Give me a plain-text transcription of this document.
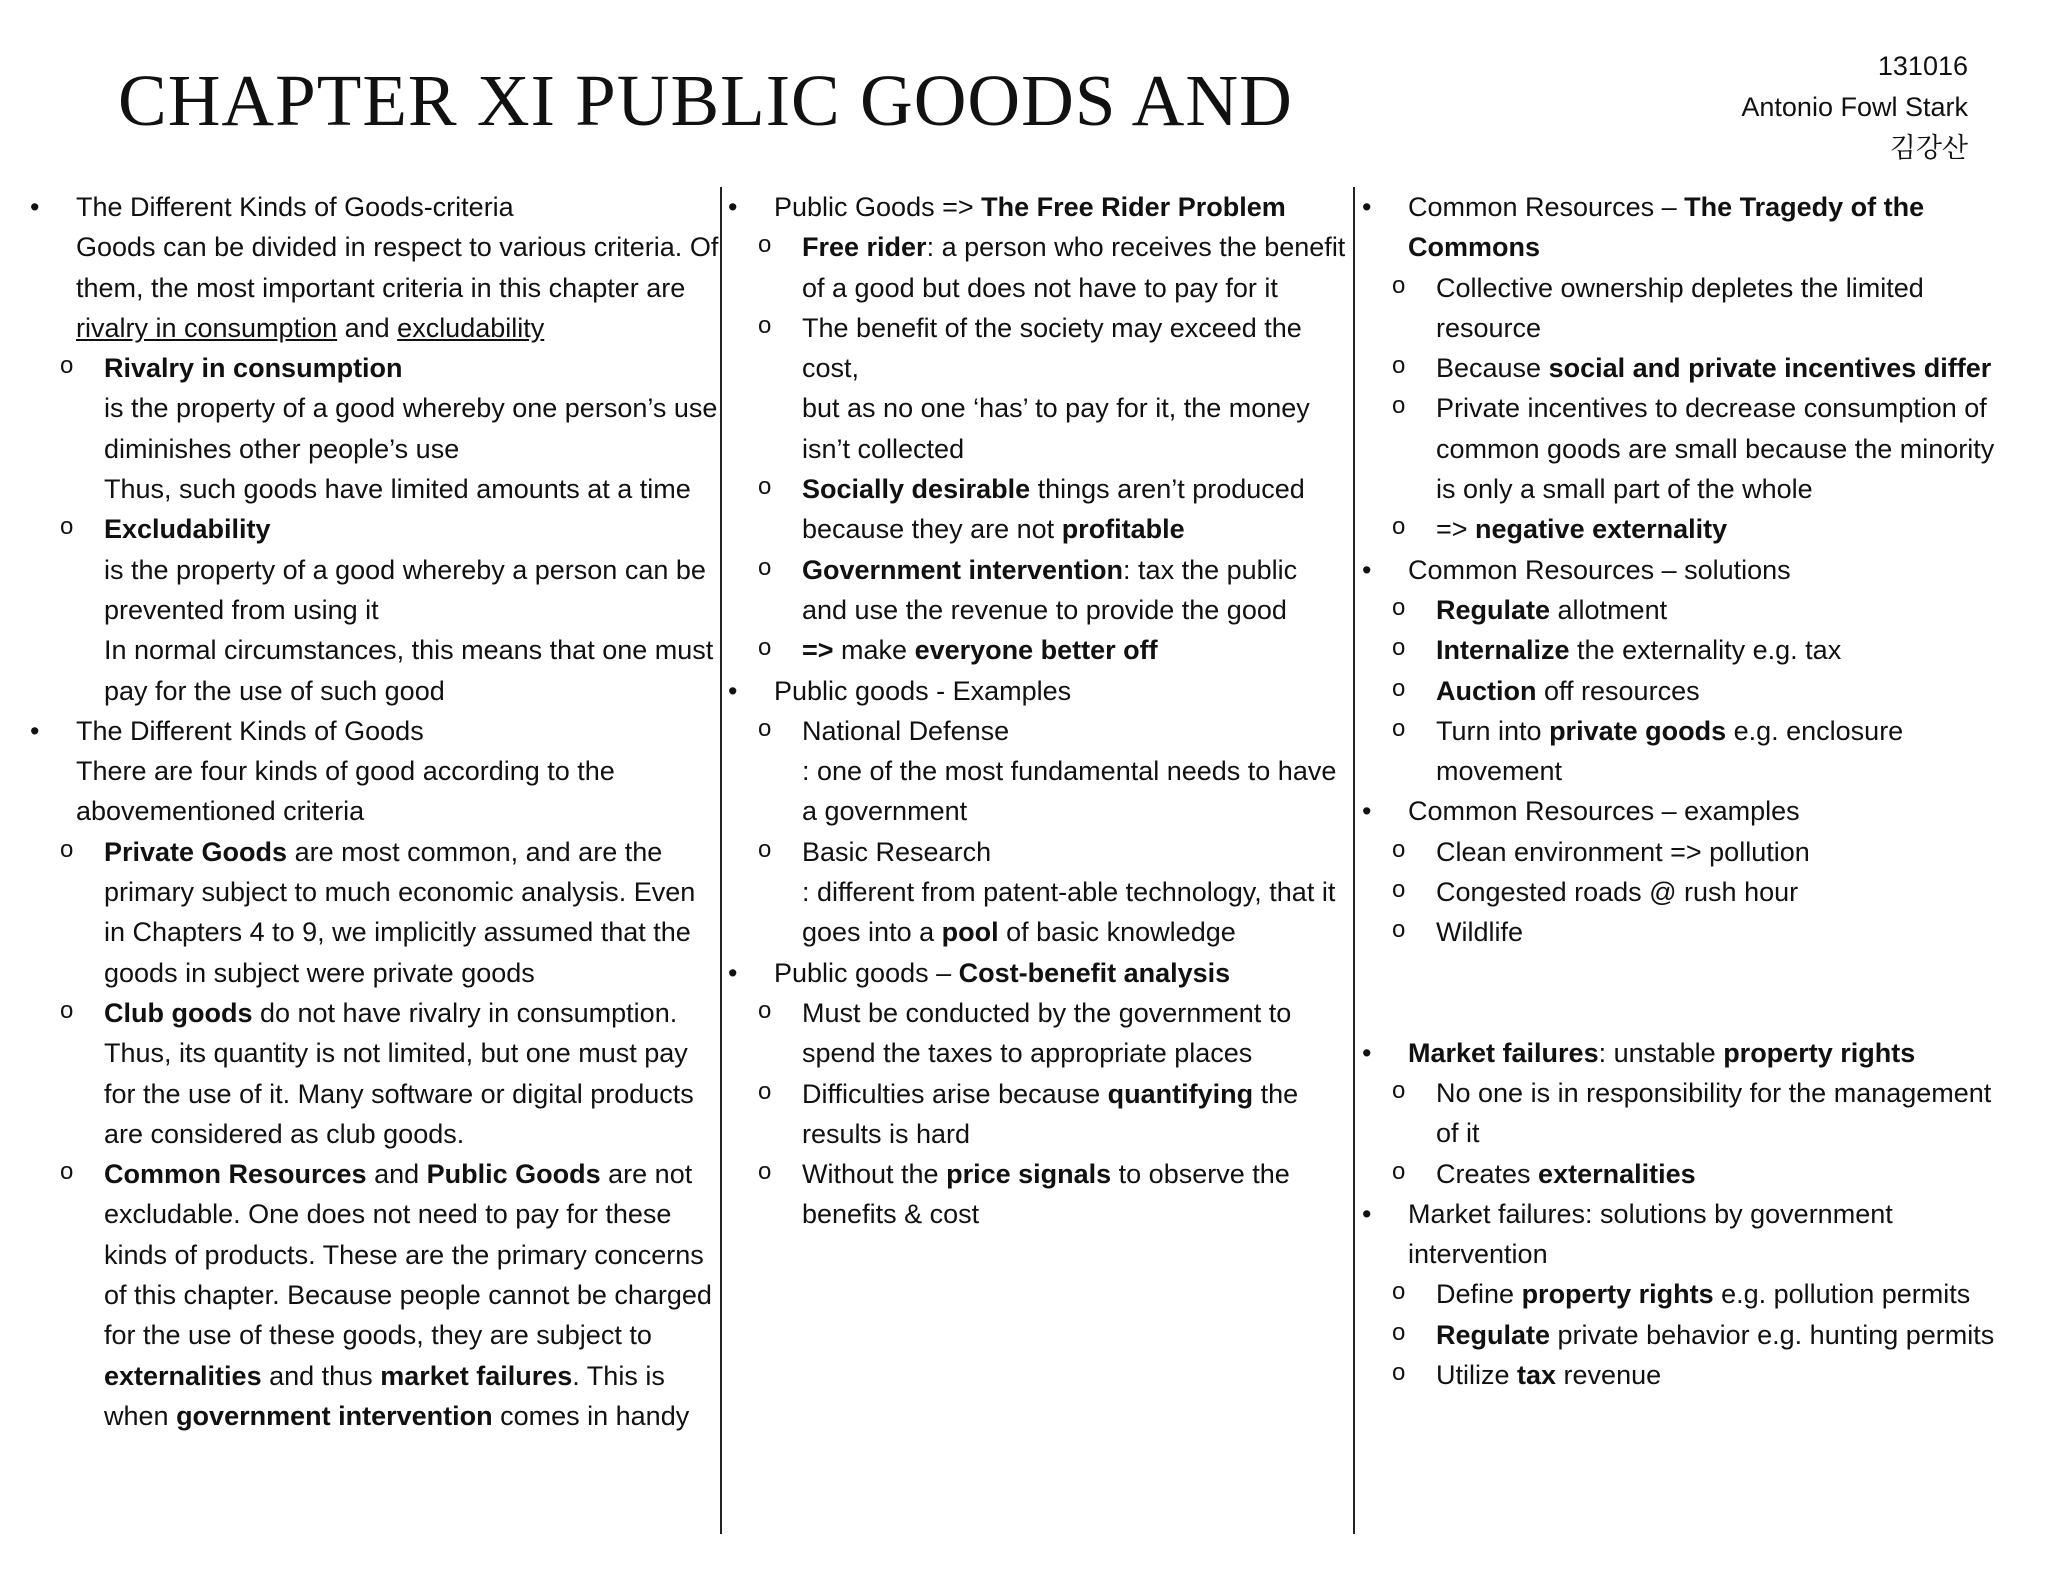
CHAPTER XI PUBLIC GOODS AND	131016
Antonio Fowl Stark
김강산
• The Different Kinds of Goods-criteria
Goods can be divided in respect to various criteria. Of them, the most important criteria in this chapter are rivalry in consumption and excludability
o Rivalry in consumption
is the property of a good whereby one person’s use diminishes other people’s use
Thus, such goods have limited amounts at a time
o Excludability
is the property of a good whereby a person can be prevented from using it
In normal circumstances, this means that one must pay for the use of such good
• The Different Kinds of Goods
There are four kinds of good according to the abovementioned criteria
o Private Goods are most common, and are the primary subject to much economic analysis. Even in Chapters 4 to 9, we implicitly assumed that the goods in subject were private goods
o Club goods do not have rivalry in consumption. Thus, its quantity is not limited, but one must pay for the use of it. Many software or digital products are considered as club goods.
o Common Resources and Public Goods are not excludable. One does not need to pay for these kinds of products. These are the primary concerns of this chapter. Because people cannot be charged for the use of these goods, they are subject to externalities and thus market failures. This is when government intervention comes in handy
• Public Goods => The Free Rider Problem
o Free rider: a person who receives the benefit of a good but does not have to pay for it
o The benefit of the society may exceed the cost,
but as no one ‘has’ to pay for it, the money isn’t collected
o Socially desirable things aren’t produced because they are not profitable
o Government intervention: tax the public and use the revenue to provide the good
o => make everyone better off
• Public goods - Examples
o National Defense
: one of the most fundamental needs to have a government
o Basic Research
: different from patent-able technology, that it goes into a pool of basic knowledge
• Public goods – Cost-benefit analysis
o Must be conducted by the government to spend the taxes to appropriate places
o Difficulties arise because quantifying the results is hard
o Without the price signals to observe the benefits & cost
• Common Resources – The Tragedy of the Commons
o Collective ownership depletes the limited resource
o Because social and private incentives differ
o Private incentives to decrease consumption of common goods are small because the minority is only a small part of the whole
o => negative externality
• Common Resources – solutions
o Regulate allotment
o Internalize the externality e.g. tax
o Auction off resources
o Turn into private goods e.g. enclosure movement
• Common Resources – examples
o Clean environment => pollution
o Congested roads @ rush hour
o Wildlife
• Market failures: unstable property rights
o No one is in responsibility for the management of it
o Creates externalities
• Market failures: solutions by government intervention
o Define property rights e.g. pollution permits
o Regulate private behavior e.g. hunting permits
o Utilize tax revenue
